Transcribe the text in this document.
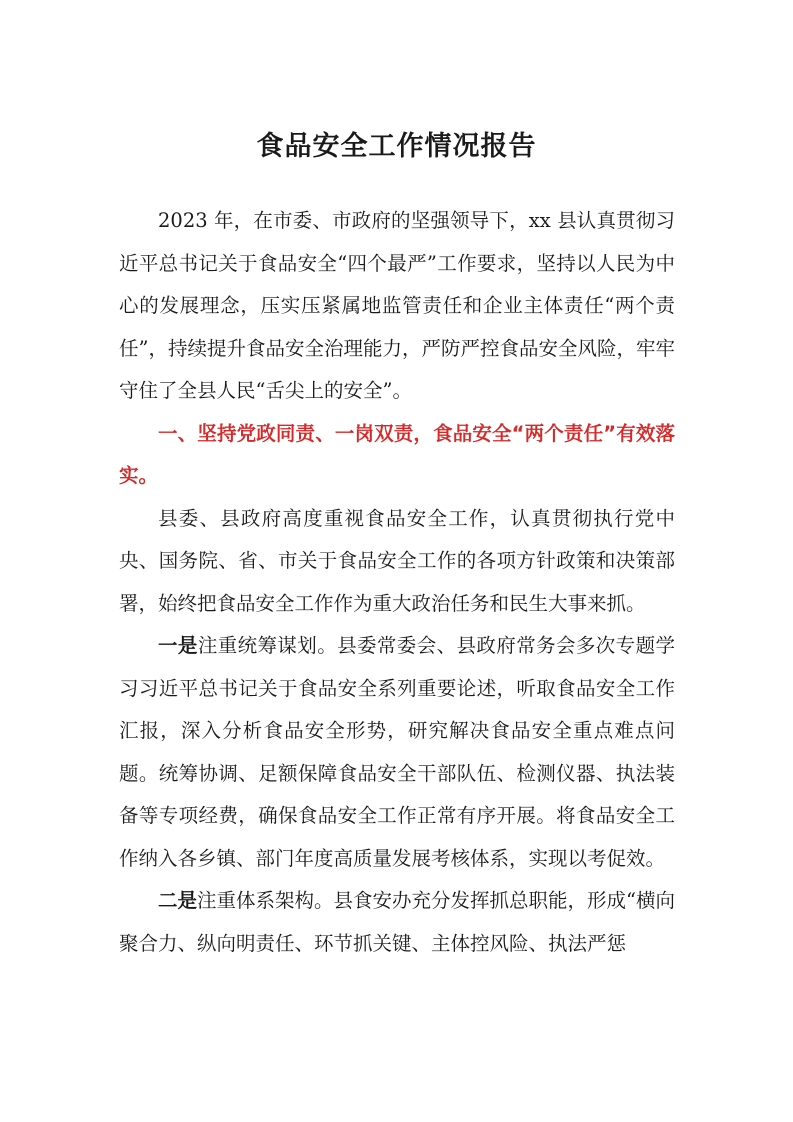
食品安全工作情况报告

2023 年，在市委、市政府的坚强领导下，xx 县认真贯彻习近平总书记关于食品安全“四个最严”工作要求，坚持以人民为中心的发展理念，压实压紧属地监管责任和企业主体责任“两个责任”，持续提升食品安全治理能力，严防严控食品安全风险，牢牢守住了全县人民“舌尖上的安全”。

一、坚持党政同责、一岗双责，食品安全“两个责任”有效落实。

县委、县政府高度重视食品安全工作，认真贯彻执行党中央、国务院、省、市关于食品安全工作的各项方针政策和决策部署，始终把食品安全工作作为重大政治任务和民生大事来抓。

一是注重统筹谋划。县委常委会、县政府常务会多次专题学习习近平总书记关于食品安全系列重要论述，听取食品安全工作汇报，深入分析食品安全形势，研究解决食品安全重点难点问题。统筹协调、足额保障食品安全干部队伍、检测仪器、执法装备等专项经费，确保食品安全工作正常有序开展。将食品安全工作纳入各乡镇、部门年度高质量发展考核体系，实现以考促效。

二是注重体系架构。县食安办充分发挥抓总职能，形成“横向聚合力、纵向明责任、环节抓关键、主体控风险、执法严惩
